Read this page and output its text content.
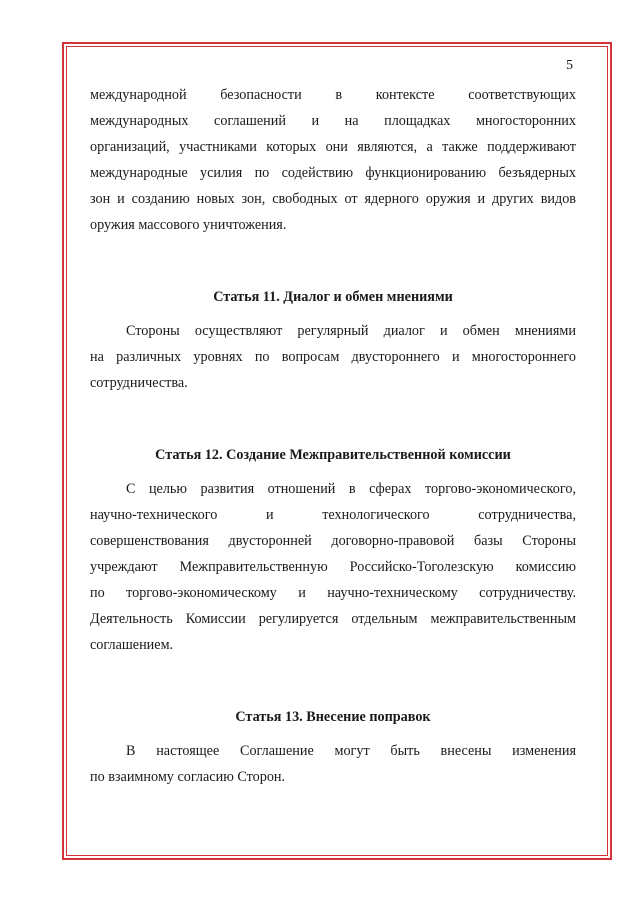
5
международной безопасности в контексте соответствующих
международных соглашений и на площадках многосторонних
организаций, участниками которых они являются, а также поддерживают
международные усилия по содействию функционированию безъядерных
зон и созданию новых зон, свободных от ядерного оружия и других видов
оружия массового уничтожения.
Статья 11. Диалог и обмен мнениями
Стороны осуществляют регулярный диалог и обмен мнениями
на различных уровнях по вопросам двустороннего и многостороннего
сотрудничества.
Статья 12. Создание Межправительственной комиссии
С целью развития отношений в сферах торгово-экономического,
научно-технического и технологического сотрудничества,
совершенствования двусторонней договорно-правовой базы Стороны
учреждают Межправительственную Российско-Тоголезскую комиссию
по торгово-экономическому и научно-техническому сотрудничеству.
Деятельность Комиссии регулируется отдельным межправительственным
соглашением.
Статья 13. Внесение поправок
В настоящее Соглашение могут быть внесены изменения
по взаимному согласию Сторон.
